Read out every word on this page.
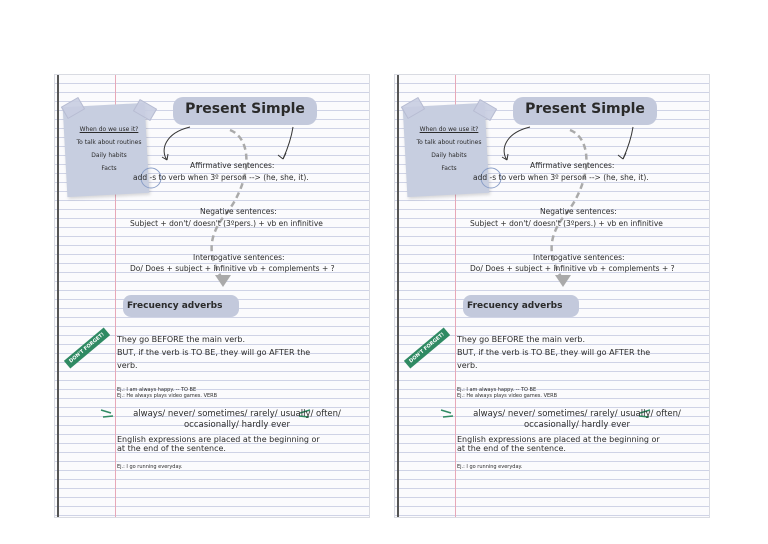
When do we use it?
To talk about routines
Daily habits
Facts
Present Simple
Affirmative sentences:
add -s to verb when 3º person --> (he, she, it).
Negative sentences:
Subject + don't/ doesn't (3ºpers.) + vb en infinitive
Interrogative sentences:
Do/ Does + subject + infinitive vb + complements + ?
Frecuency adverbs
DON'T FORGET!	They go BEFORE the main verb.
BUT, if the verb is TO BE, they will go AFTER the
verb.
Ej.: I am always happy. -- TO BE
Ej.: He always plays video games. VERB
always/ never/ sometimes/ rarely/ usually/ often/
occasionally/ hardly ever
English expressions are placed at the beginning or
at the end of the sentence.
Ej.: I go running everyday.
When do we use it?
To talk about routines
Daily habits
Facts
Present Simple
Affirmative sentences:
add -s to verb when 3º person --> (he, she, it).
Negative sentences:
Subject + don't/ doesn't (3ºpers.) + vb en infinitive
Interrogative sentences:
Do/ Does + subject + infinitive vb + complements + ?
Frecuency adverbs
DON'T FORGET!	They go BEFORE the main verb.
BUT, if the verb is TO BE, they will go AFTER the
verb.
Ej.: I am always happy. -- TO BE
Ej.: He always plays video games. VERB
always/ never/ sometimes/ rarely/ usually/ often/
occasionally/ hardly ever
English expressions are placed at the beginning or
at the end of the sentence.
Ej.: I go running everyday.
